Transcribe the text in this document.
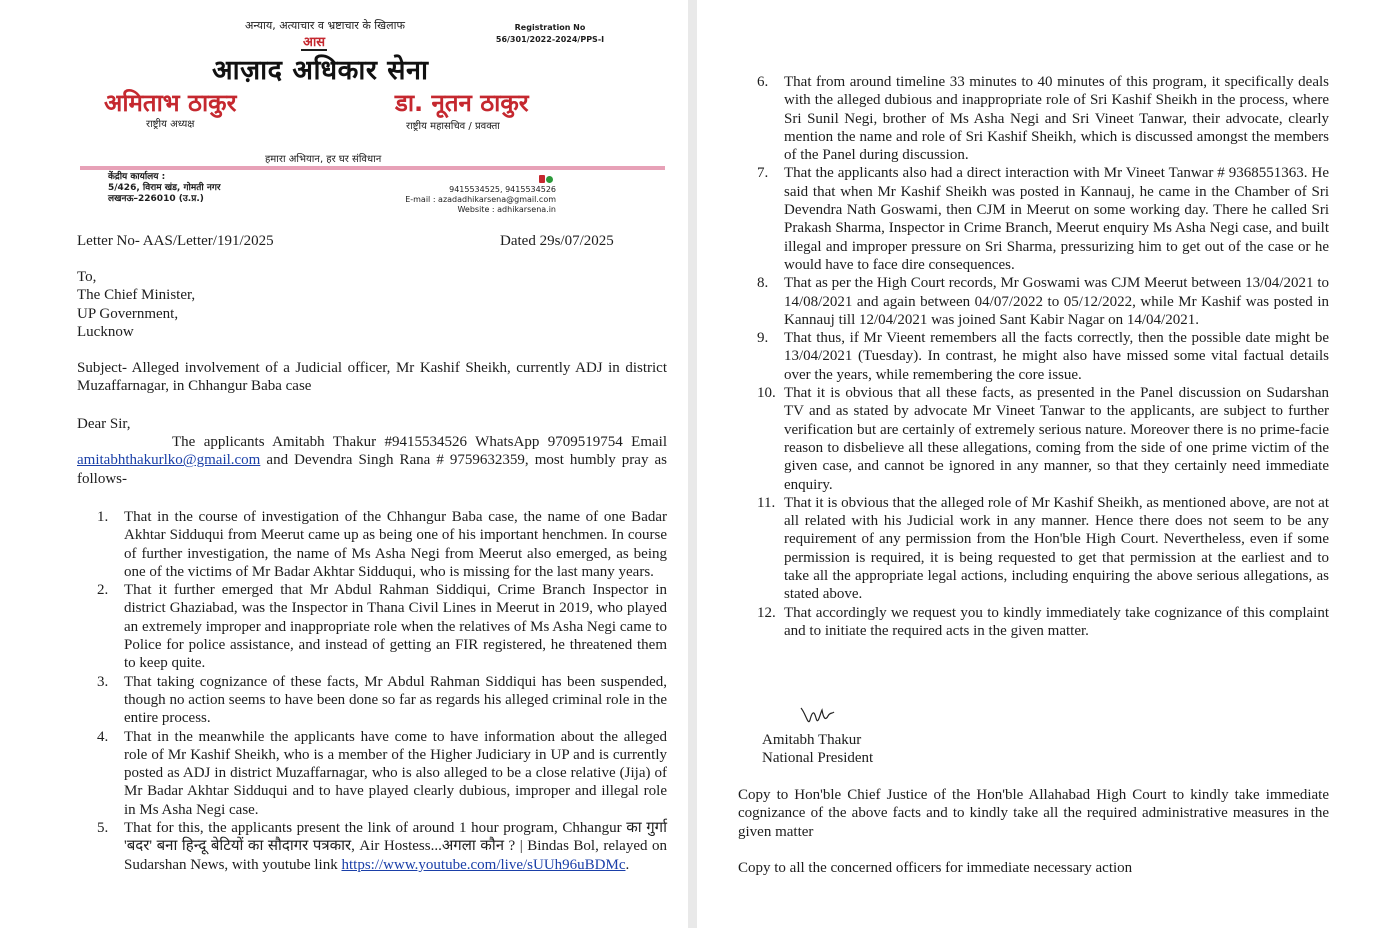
अन्याय, अत्याचार व भ्रष्टाचार के खिलाफ
आस
आज़ाद अधिकार सेना
Registration No
56/301/2022-2024/PPS-I
अमिताभ ठाकुर
राष्ट्रीय अध्यक्ष
डा. नूतन ठाकुर
राष्ट्रीय महासचिव / प्रवक्ता
हमारा अभियान, हर घर संविधान
केंद्रीय कार्यालय :
5/426, विराम खंड, गोमती नगर
लखनऊ–226010 (उ.प्र.)
9415534525, 9415534526
E-mail : azadadhikarsena@gmail.com
Website : adhikarsena.in
Letter No- AAS/Letter/191/2025	Dated 29s/07/2025
To,
The Chief Minister,
UP Government,
Lucknow
Subject- Alleged involvement of a Judicial officer, Mr Kashif Sheikh, currently ADJ in district Muzaffarnagar, in Chhangur Baba case
Dear Sir,
The applicants Amitabh Thakur #9415534526 WhatsApp 9709519754 Email amitabhthakurlko@gmail.com and Devendra Singh Rana # 9759632359, most humbly pray as follows-

1. That in the course of investigation of the Chhangur Baba case, the name of one Badar Akhtar Sidduqui from Meerut came up as being one of his important henchmen. In course of further investigation, the name of Ms Asha Negi from Meerut also emerged, as being one of the victims of Mr Badar Akhtar Sidduqui, who is missing for the last many years.

2. That it further emerged that Mr Abdul Rahman Siddiqui, Crime Branch Inspector in district Ghaziabad, was the Inspector in Thana Civil Lines in Meerut in 2019, who played an extremely improper and inappropriate role when the relatives of Ms Asha Negi came to Police for police assistance, and instead of getting an FIR registered, he threatened them to keep quite.

3. That taking cognizance of these facts, Mr Abdul Rahman Siddiqui has been suspended, though no action seems to have been done so far as regards his alleged criminal role in the entire process.

4. That in the meanwhile the applicants have come to have information about the alleged role of Mr Kashif Sheikh, who is a member of the Higher Judiciary in UP and is currently posted as ADJ in district Muzaffarnagar, who is also alleged to be a close relative (Jija) of Mr Badar Akhtar Sidduqui and to have played clearly dubious, improper and illegal role in Ms Asha Negi case.

5. That for this, the applicants present the link of around 1 hour program, Chhangur का गुर्गा 'बदर' बना हिन्दू बेटियों का सौदागर पत्रकार, Air Hostess...अगला कौन ? | Bindas Bol, relayed on Sudarshan News, with youtube link https://www.youtube.com/live/sUUh96uBDMc.

6. That from around timeline 33 minutes to 40 minutes of this program, it specifically deals with the alleged dubious and inappropriate role of Sri Kashif Sheikh in the process, where Sri Sunil Negi, brother of Ms Asha Negi and Sri Vineet Tanwar, their advocate, clearly mention the name and role of Sri Kashif Sheikh, which is discussed amongst the members of the Panel during discussion.

7. That the applicants also had a direct interaction with Mr Vineet Tanwar # 9368551363. He said that when Mr Kashif Sheikh was posted in Kannauj, he came in the Chamber of Sri Devendra Nath Goswami, then CJM in Meerut on some working day. There he called Sri Prakash Sharma, Inspector in Crime Branch, Meerut enquiry Ms Asha Negi case, and built illegal and improper pressure on Sri Sharma, pressurizing him to get out of the case or he would have to face dire consequences.

8. That as per the High Court records, Mr Goswami was CJM Meerut between 13/04/2021 to 14/08/2021 and again between 04/07/2022 to 05/12/2022, while Mr Kashif was posted in Kannauj till 12/04/2021 was joined Sant Kabir Nagar on 14/04/2021.

9. That thus, if Mr Vieent remembers all the facts correctly, then the possible date might be 13/04/2021 (Tuesday). In contrast, he might also have missed some vital factual details over the years, while remembering the core issue.

10. That it is obvious that all these facts, as presented in the Panel discussion on Sudarshan TV and as stated by advocate Mr Vineet Tanwar to the applicants, are subject to further verification but are certainly of extremely serious nature. Moreover there is no prime-facie reason to disbelieve all these allegations, coming from the side of one prime victim of the given case, and cannot be ignored in any manner, so that they certainly need immediate enquiry.

11. That it is obvious that the alleged role of Mr Kashif Sheikh, as mentioned above, are not at all related with his Judicial work in any manner. Hence there does not seem to be any requirement of any permission from the Hon'ble High Court. Nevertheless, even if some permission is required, it is being requested to get that permission at the earliest and to take all the appropriate legal actions, including enquiring the above serious allegations, as stated above.

12. That accordingly we request you to kindly immediately take cognizance of this complaint and to initiate the required acts in the given matter.

Amitabh Thakur
National President
Copy to Hon'ble Chief Justice of the Hon'ble Allahabad High Court to kindly take immediate cognizance of the above facts and to kindly take all the required administrative measures in the given matter
Copy to all the concerned officers for immediate necessary action
